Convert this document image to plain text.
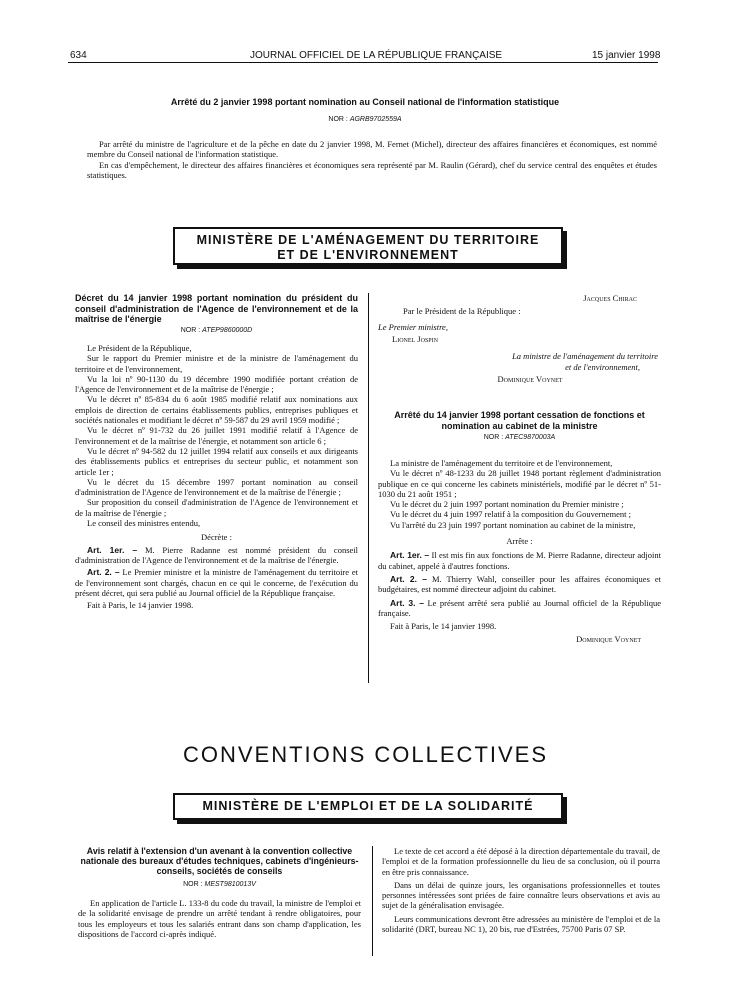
634	JOURNAL OFFICIEL DE LA RÉPUBLIQUE FRANÇAISE	15 janvier 1998
Arrêté du 2 janvier 1998 portant nomination au Conseil national de l'information statistique
NOR : AGRB9702559A

Par arrêté du ministre de l'agriculture et de la pêche en date du 2 janvier 1998, M. Fernet (Michel), directeur des affaires financières et économiques, est nommé membre du Conseil national de l'information statistique.

En cas d'empêchement, le directeur des affaires financières et économiques sera représenté par M. Raulin (Gérard), chef du service central des enquêtes et études statistiques.

MINISTÈRE DE L'AMÉNAGEMENT DU TERRITOIRE
ET DE L'ENVIRONNEMENT
Décret du 14 janvier 1998 portant nomination du président du conseil d'administration de l'Agence de l'environnement et de la maîtrise de l'énergie
NOR : ATEP9860000D

Le Président de la République,

Sur le rapport du Premier ministre et de la ministre de l'aménagement du territoire et de l'environnement,

Vu la loi nº 90-1130 du 19 décembre 1990 modifiée portant création de l'Agence de l'environnement et de la maîtrise de l'énergie ;

Vu le décret nº 85-834 du 6 août 1985 modifié relatif aux nominations aux emplois de direction de certains établissements publics, entreprises publiques et sociétés nationales et modifiant le décret nº 59-587 du 29 avril 1959 modifié ;

Vu le décret nº 91-732 du 26 juillet 1991 modifié relatif à l'Agence de l'environnement et de la maîtrise de l'énergie, et notamment son article 6 ;

Vu le décret nº 94-582 du 12 juillet 1994 relatif aux conseils et aux dirigeants des établissements publics et entreprises du secteur public, et notamment son article 1er ;

Vu le décret du 15 décembre 1997 portant nomination au conseil d'administration de l'Agence de l'environnement et de la maîtrise de l'énergie ;

Sur proposition du conseil d'administration de l'Agence de l'environnement et de la maîtrise de l'énergie ;

Le conseil des ministres entendu,

Décrète :

Art. 1er. – M. Pierre Radanne est nommé président du conseil d'administration de l'Agence de l'environnement et de la maîtrise de l'énergie.

Art. 2. – Le Premier ministre et la ministre de l'aménagement du territoire et de l'environnement sont chargés, chacun en ce qui le concerne, de l'exécution du présent décret, qui sera publié au Journal officiel de la République française.

Fait à Paris, le 14 janvier 1998.

Jacques Chirac
Par le Président de la République :
Le Premier ministre,
Lionel Jospin
La ministre de l'aménagement du territoire
et de l'environnement,
Dominique Voynet
Arrêté du 14 janvier 1998 portant cessation de fonctions et nomination au cabinet de la ministre
NOR : ATEC9870003A

La ministre de l'aménagement du territoire et de l'environnement,

Vu le décret nº 48-1233 du 28 juillet 1948 portant règlement d'administration publique en ce qui concerne les cabinets ministériels, modifié par le décret nº 51-1030 du 21 août 1951 ;

Vu le décret du 2 juin 1997 portant nomination du Premier ministre ;

Vu le décret du 4 juin 1997 relatif à la composition du Gouvernement ;

Vu l'arrêté du 23 juin 1997 portant nomination au cabinet de la ministre,

Arrête :

Art. 1er. – Il est mis fin aux fonctions de M. Pierre Radanne, directeur adjoint du cabinet, appelé à d'autres fonctions.

Art. 2. – M. Thierry Wahl, conseiller pour les affaires économiques et budgétaires, est nommé directeur adjoint du cabinet.

Art. 3. – Le présent arrêté sera publié au Journal officiel de la République française.

Fait à Paris, le 14 janvier 1998.

Dominique Voynet

CONVENTIONS COLLECTIVES
MINISTÈRE DE L'EMPLOI ET DE LA SOLIDARITÉ
Avis relatif à l'extension d'un avenant à la convention collective nationale des bureaux d'études techniques, cabinets d'ingénieurs-conseils, sociétés de conseils
NOR : MEST9810013V

En application de l'article L. 133-8 du code du travail, la ministre de l'emploi et de la solidarité envisage de prendre un arrêté tendant à rendre obligatoires, pour tous les employeurs et tous les salariés entrant dans son champ d'application, les dispositions de l'accord ci-après indiqué.

Le texte de cet accord a été déposé à la direction départementale du travail, de l'emploi et de la formation professionnelle du lieu de sa conclusion, où il pourra en être pris connaissance.

Dans un délai de quinze jours, les organisations professionnelles et toutes personnes intéressées sont priées de faire connaître leurs observations et avis au sujet de la généralisation envisagée.

Leurs communications devront être adressées au ministère de l'emploi et de la solidarité (DRT, bureau NC 1), 20 bis, rue d'Estrées, 75700 Paris 07 SP.
